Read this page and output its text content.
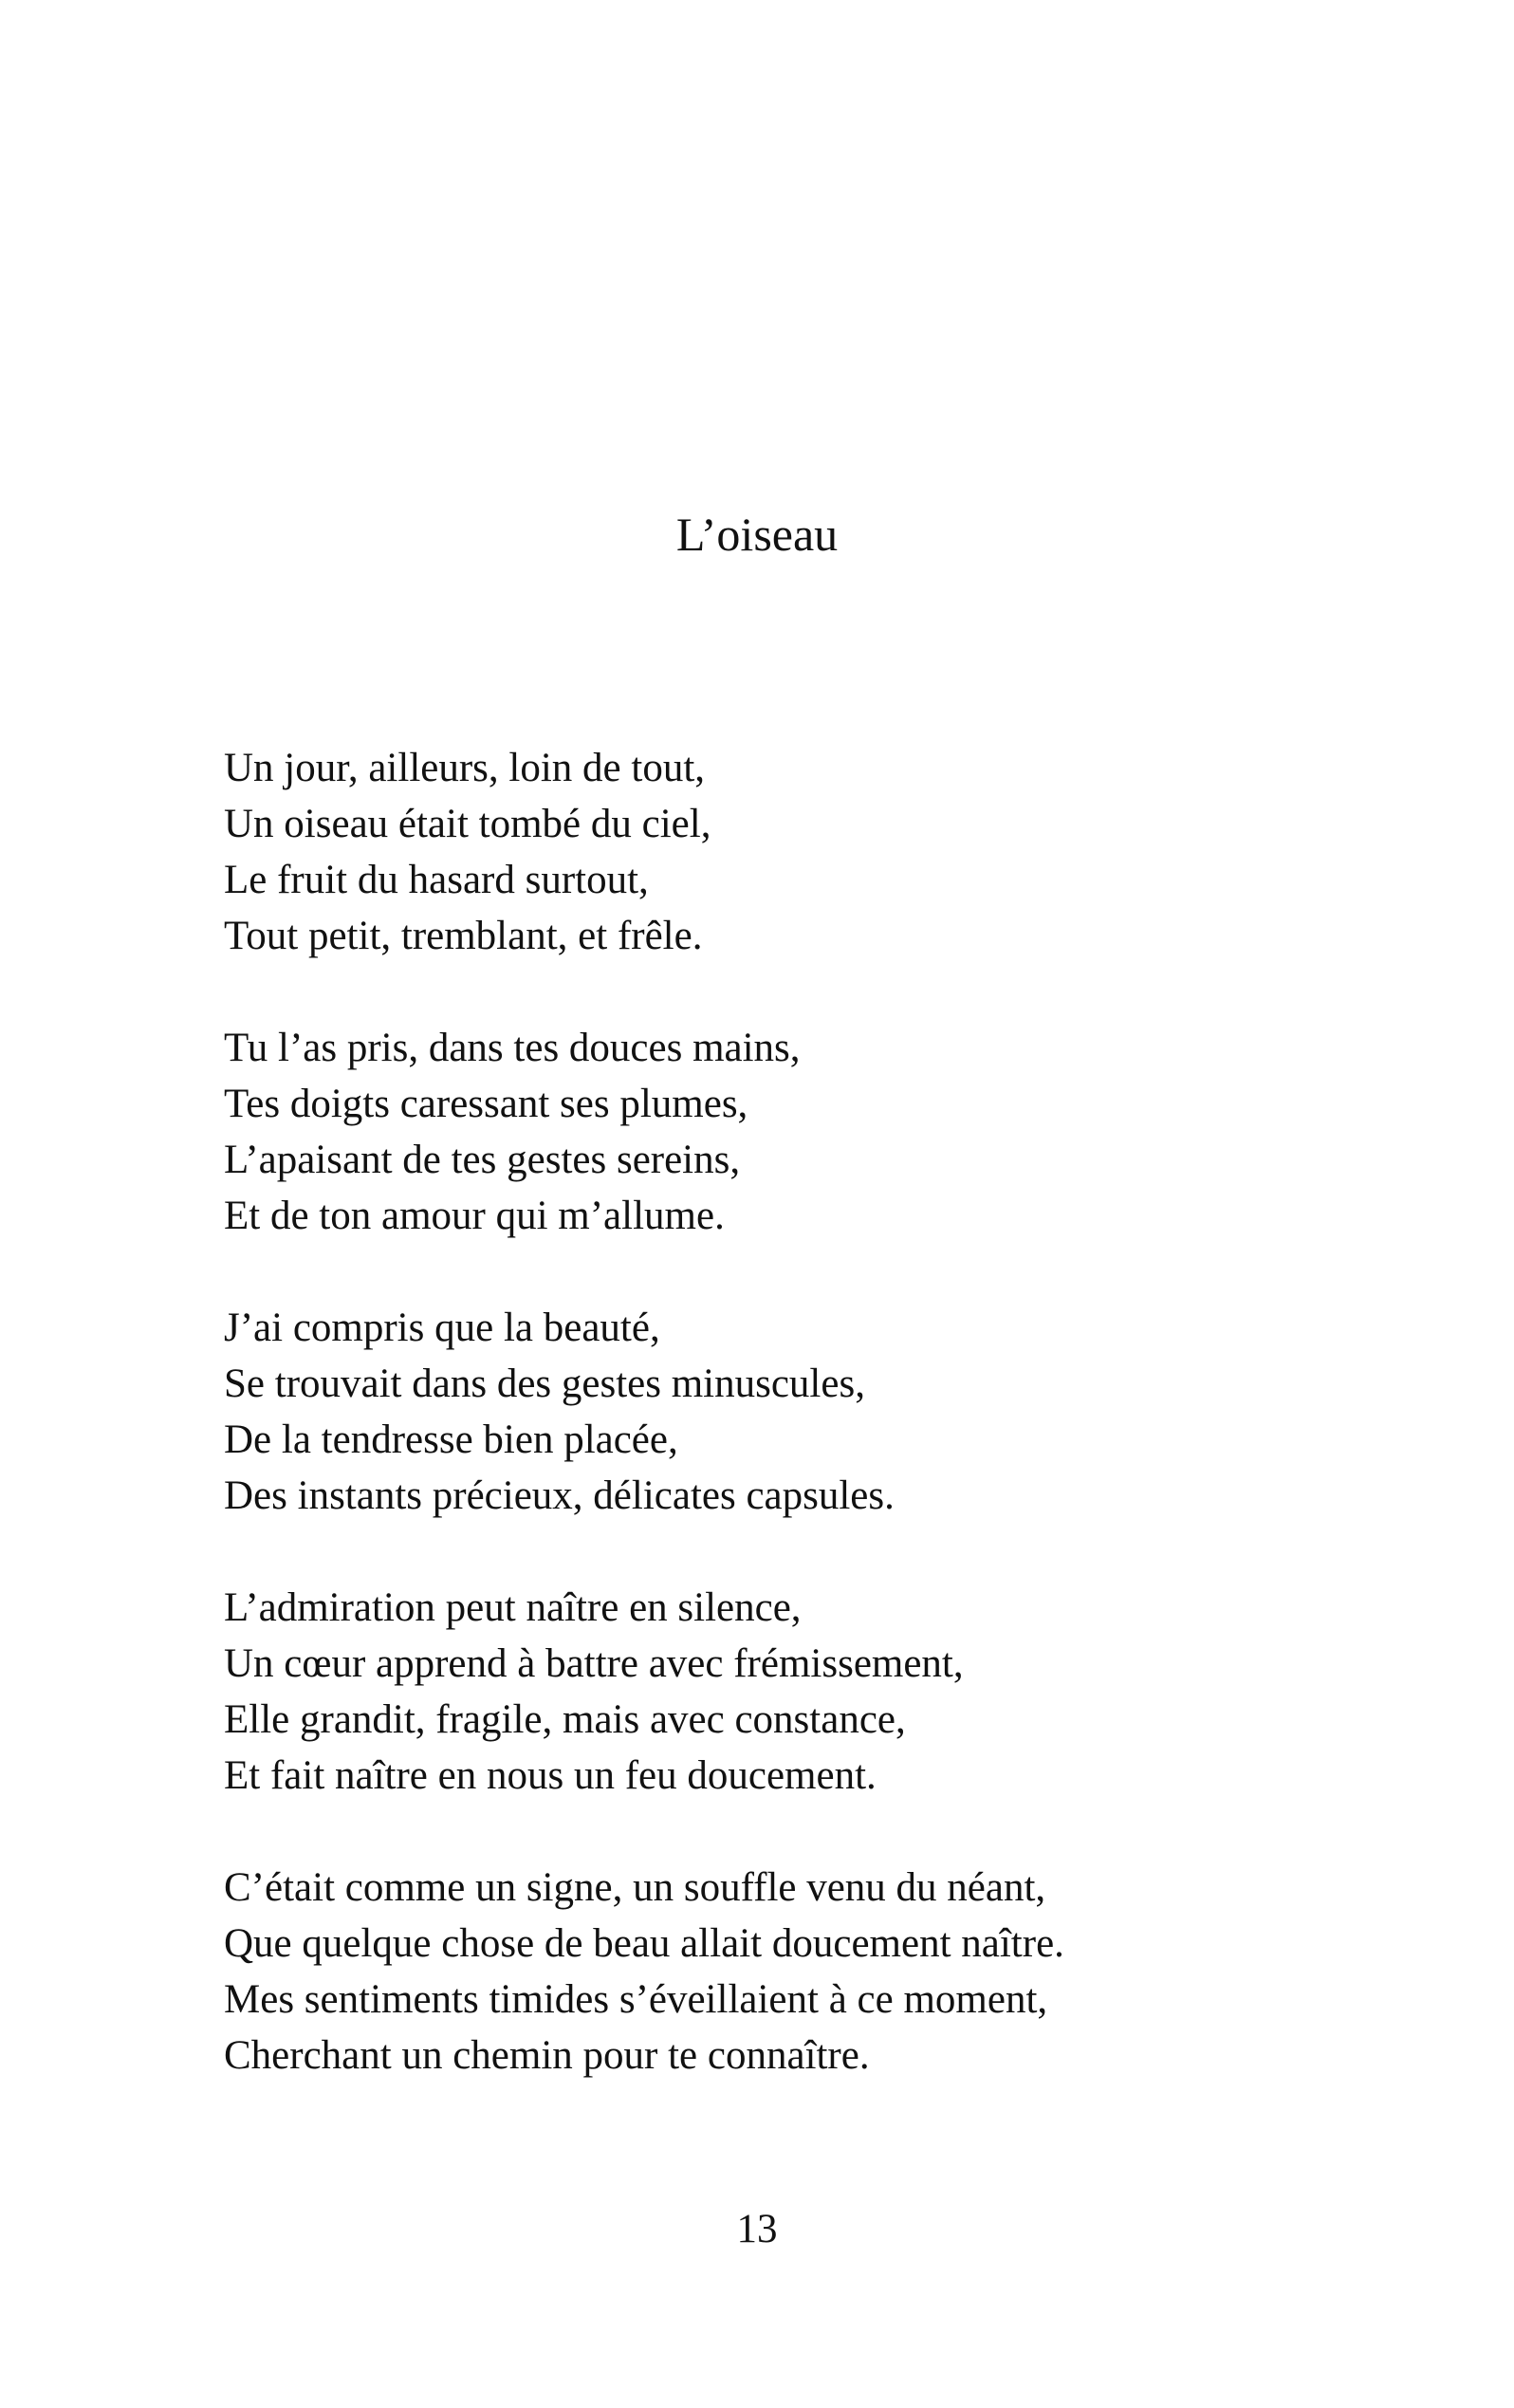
L’oiseau
Un jour, ailleurs, loin de tout,
Un oiseau était tombé du ciel,
Le fruit du hasard surtout,
Tout petit, tremblant, et frêle.
Tu l’as pris, dans tes douces mains,
Tes doigts caressant ses plumes,
L’apaisant de tes gestes sereins,
Et de ton amour qui m’allume.
J’ai compris que la beauté,
Se trouvait dans des gestes minuscules,
De la tendresse bien placée,
Des instants précieux, délicates capsules.
L’admiration peut naître en silence,
Un cœur apprend à battre avec frémissement,
Elle grandit, fragile, mais avec constance,
Et fait naître en nous un feu doucement.
C’était comme un signe, un souffle venu du néant,
Que quelque chose de beau allait doucement naître.
Mes sentiments timides s’éveillaient à ce moment,
Cherchant un chemin pour te connaître.
13
